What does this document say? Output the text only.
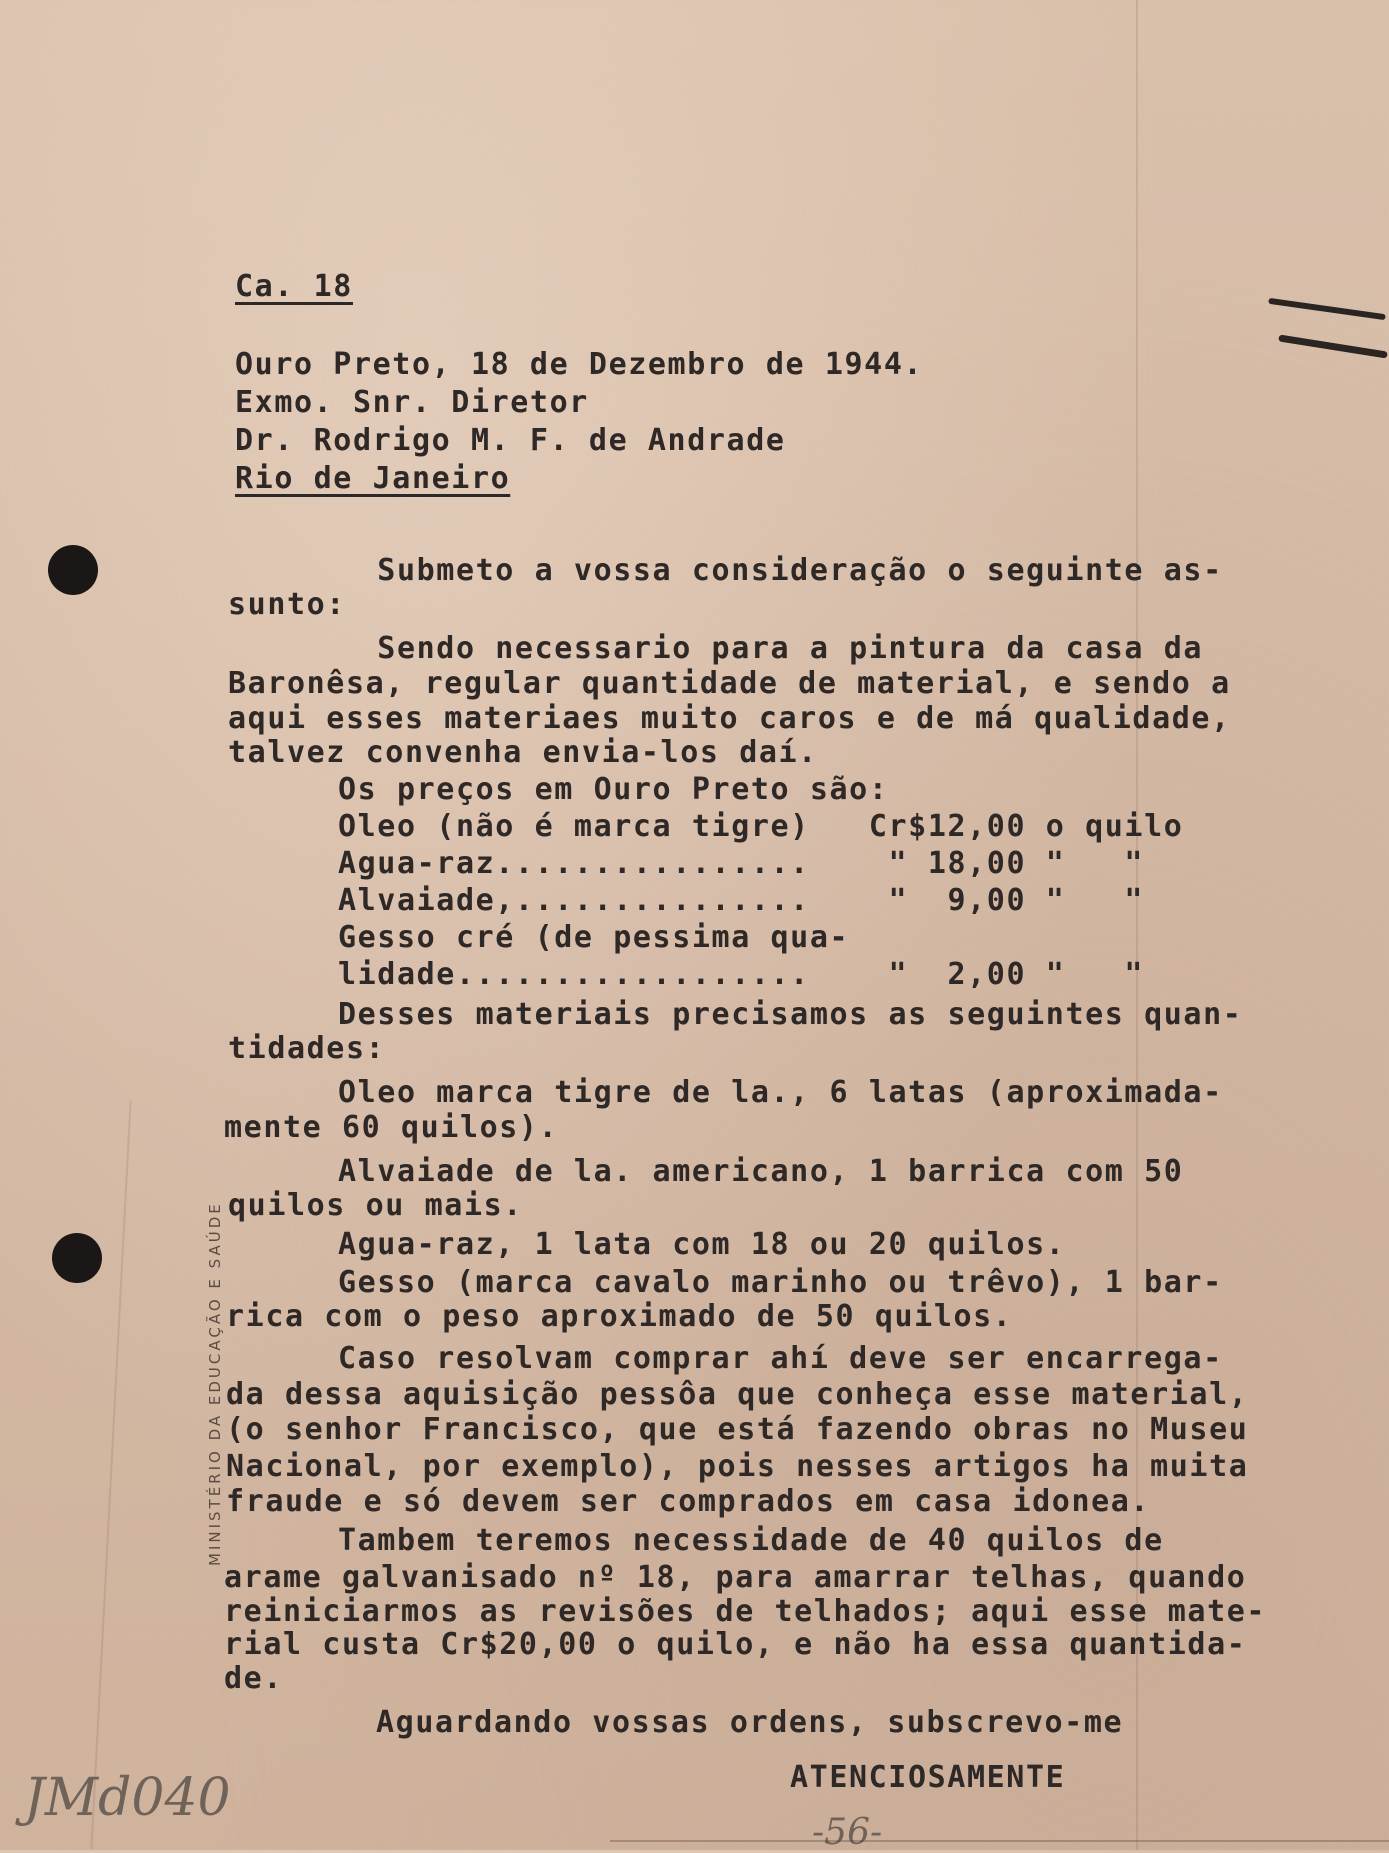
Ca. 18
Ouro Preto, 18 de Dezembro de 1944.
Exmo. Snr. Diretor
Dr. Rodrigo M. F. de Andrade
Rio de Janeiro
Submeto a vossa consideração o seguinte as-
sunto:
Sendo necessario para a pintura da casa da
Baronêsa, regular quantidade de material, e sendo a
aqui esses materiaes muito caros e de má qualidade,
talvez convenha envia-los daí.
Os preços em Ouro Preto são:
Oleo (não é marca tigre)   Cr$12,00 o quilo
Agua-raz................    " 18,00 "   "
Alvaiade,...............    "  9,00 "   "
Gesso cré (de pessima qua-
lidade..................    "  2,00 "   "
Desses materiais precisamos as seguintes quan-
tidades:
Oleo marca tigre de la., 6 latas (aproximada-
mente 60 quilos).
Alvaiade de la. americano, 1 barrica com 50
quilos ou mais.
Agua-raz, 1 lata com 18 ou 20 quilos.
Gesso (marca cavalo marinho ou trêvo), 1 bar-
rica com o peso aproximado de 50 quilos.
Caso resolvam comprar ahí deve ser encarrega-
da dessa aquisição pessôa que conheça esse material,
(o senhor Francisco, que está fazendo obras no Museu
Nacional, por exemplo), pois nesses artigos ha muita
fraude e só devem ser comprados em casa idonea.
Tambem teremos necessidade de 40 quilos de
arame galvanisado nº 18, para amarrar telhas, quando
reiniciarmos as revisões de telhados; aqui esse mate-
rial custa Cr$20,00 o quilo, e não ha essa quantida-
de.
Aguardando vossas ordens, subscrevo-me
ATENCIOSAMENTE
MINISTÉRIO DA EDUCAÇÃO E SAÚDE
JMd040
-56-
